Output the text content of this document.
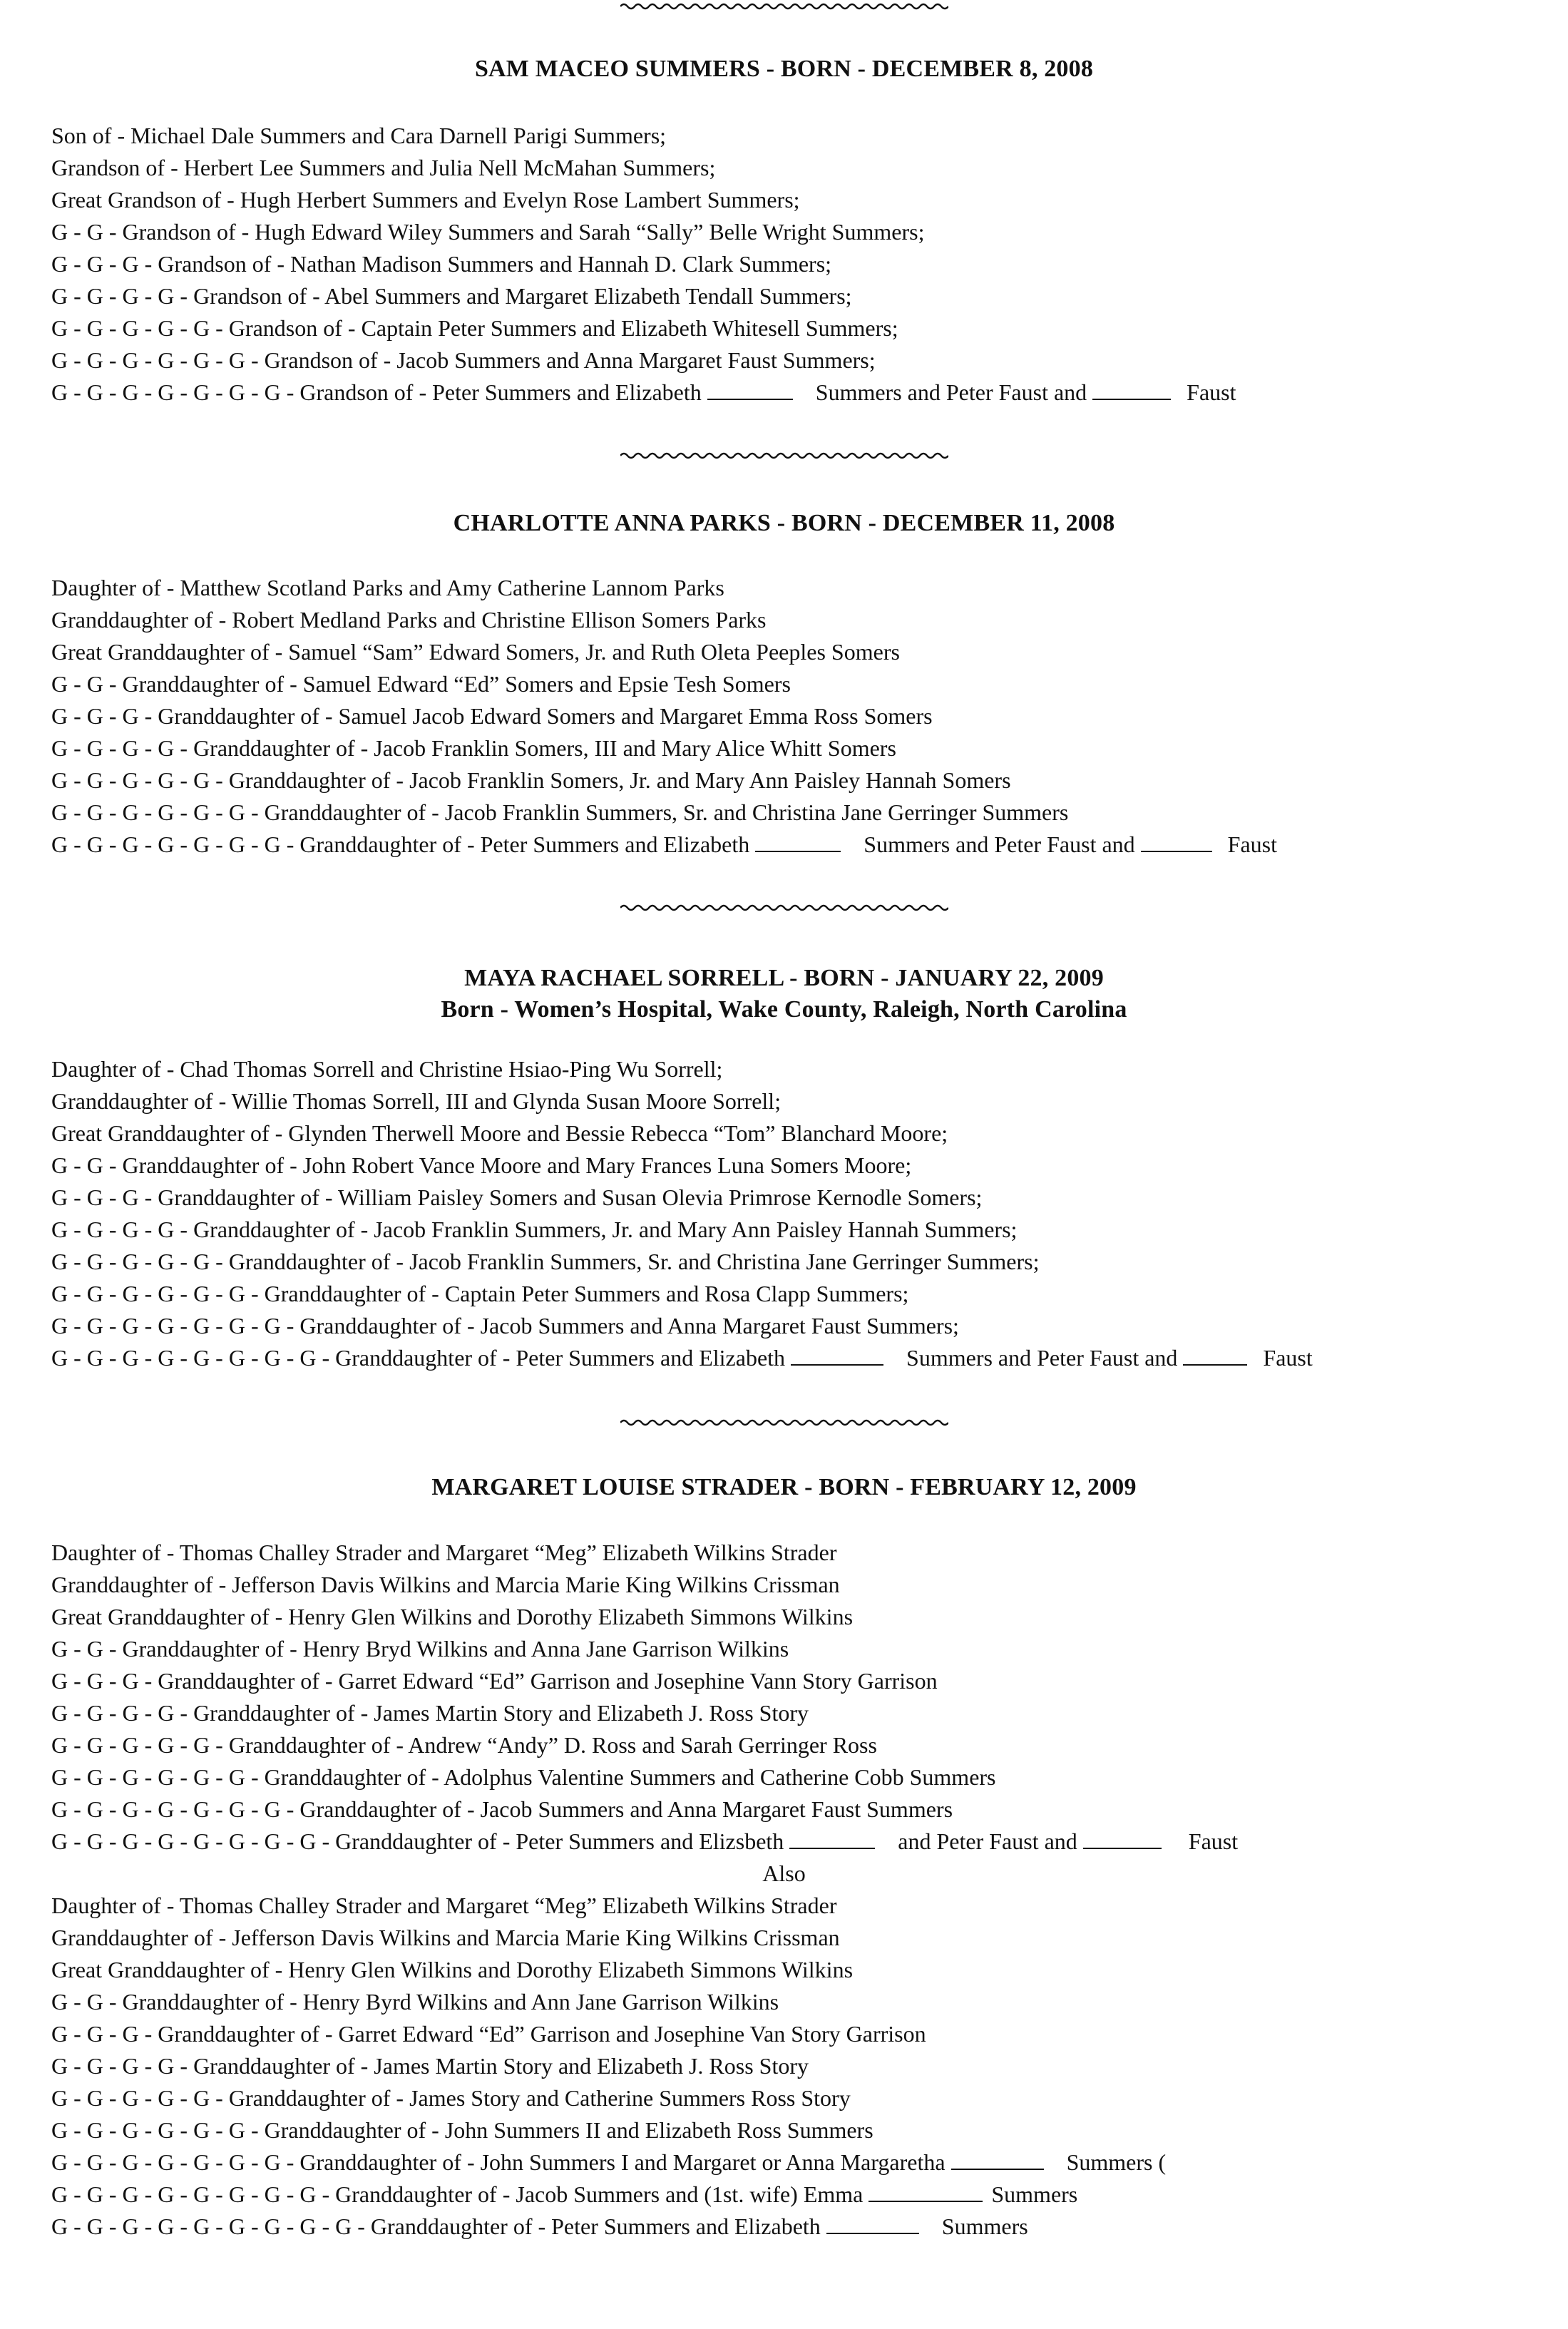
SAM MACEO SUMMERS - BORN - DECEMBER 8, 2008
Son of - Michael Dale Summers and Cara Darnell Parigi Summers;
Grandson of - Herbert Lee Summers and Julia Nell McMahan Summers;
Great Grandson of - Hugh Herbert Summers and Evelyn Rose Lambert Summers;
G - G - Grandson of - Hugh Edward Wiley Summers and Sarah “Sally” Belle Wright Summers;
G - G - G - Grandson of - Nathan Madison Summers and Hannah D. Clark Summers;
G - G - G - G - Grandson of - Abel Summers and Margaret Elizabeth Tendall Summers;
G - G - G - G - G - Grandson of - Captain Peter Summers and Elizabeth Whitesell Summers;
G - G - G - G - G - G - Grandson of - Jacob Summers and Anna Margaret Faust Summers;
G - G - G - G - G - G - G - Grandson of - Peter Summers and Elizabeth	Summers and Peter Faust and	Faust
CHARLOTTE ANNA PARKS - BORN - DECEMBER 11, 2008
Daughter of - Matthew Scotland Parks and Amy Catherine Lannom Parks
Granddaughter of - Robert Medland Parks and Christine Ellison Somers Parks
Great Granddaughter of - Samuel “Sam” Edward Somers, Jr. and Ruth Oleta Peeples Somers
G - G - Granddaughter of - Samuel Edward “Ed” Somers and Epsie Tesh Somers
G - G - G - Granddaughter of - Samuel Jacob Edward Somers and Margaret Emma Ross Somers
G - G - G - G - Granddaughter of - Jacob Franklin Somers, III and Mary Alice Whitt Somers
G - G - G - G - G - Granddaughter of - Jacob Franklin Somers, Jr. and Mary Ann Paisley Hannah Somers
G - G - G - G - G - G - Granddaughter of - Jacob Franklin Summers, Sr. and Christina Jane Gerringer Summers
G - G - G - G - G - G - G - Granddaughter of - Peter Summers and Elizabeth	Summers and Peter Faust and	Faust
MAYA RACHAEL SORRELL - BORN - JANUARY 22, 2009
Born - Women’s Hospital, Wake County, Raleigh, North Carolina
Daughter of - Chad Thomas Sorrell and Christine Hsiao-Ping Wu Sorrell;
Granddaughter of - Willie Thomas Sorrell, III and Glynda Susan Moore Sorrell;
Great Granddaughter of - Glynden Therwell Moore and Bessie Rebecca “Tom” Blanchard Moore;
G - G - Granddaughter of - John Robert Vance Moore and Mary Frances Luna Somers Moore;
G - G - G - Granddaughter of - William Paisley Somers and Susan Olevia Primrose Kernodle Somers;
G - G - G - G - Granddaughter of - Jacob Franklin Summers, Jr. and Mary Ann Paisley Hannah Summers;
G - G - G - G - G - Granddaughter of - Jacob Franklin Summers, Sr. and Christina Jane Gerringer Summers;
G - G - G - G - G - G - Granddaughter of - Captain Peter Summers and Rosa Clapp Summers;
G - G - G - G - G - G - G - Granddaughter of - Jacob Summers and Anna Margaret Faust Summers;
G - G - G - G - G - G - G - G - Granddaughter of - Peter Summers and Elizabeth	Summers and Peter Faust and	Faust
MARGARET LOUISE STRADER - BORN - FEBRUARY 12, 2009
Daughter of - Thomas Challey Strader and Margaret “Meg” Elizabeth Wilkins Strader
Granddaughter of - Jefferson Davis Wilkins and Marcia Marie King Wilkins Crissman
Great Granddaughter of - Henry Glen Wilkins and Dorothy Elizabeth Simmons Wilkins
G - G - Granddaughter of - Henry Bryd Wilkins and Anna Jane Garrison Wilkins
G - G - G - Granddaughter of - Garret Edward “Ed” Garrison and Josephine Vann Story Garrison
G - G - G - G - Granddaughter of - James Martin Story and Elizabeth J. Ross Story
G - G - G - G - G - Granddaughter of - Andrew “Andy” D. Ross and Sarah Gerringer Ross
G - G - G - G - G - G - Granddaughter of - Adolphus Valentine Summers and Catherine Cobb Summers
G - G - G - G - G - G - G - Granddaughter of - Jacob Summers and Anna Margaret Faust Summers
G - G - G - G - G - G - G - G - Granddaughter of - Peter Summers and Elizsbeth	and Peter Faust and	Faust
Also
Daughter of - Thomas Challey Strader and Margaret “Meg” Elizabeth Wilkins Strader
Granddaughter of - Jefferson Davis Wilkins and Marcia Marie King Wilkins Crissman
Great Granddaughter of - Henry Glen Wilkins and Dorothy Elizabeth Simmons Wilkins
G - G - Granddaughter of - Henry Byrd Wilkins and Ann Jane Garrison Wilkins
G - G - G - Granddaughter of - Garret Edward “Ed” Garrison and Josephine Van Story Garrison
G - G - G - G - Granddaughter of - James Martin Story and Elizabeth J. Ross Story
G - G - G - G - G - Granddaughter of - James Story and Catherine Summers Ross Story
G - G - G - G - G - G - Granddaughter of - John Summers II and Elizabeth Ross Summers
G - G - G - G - G - G - G - Granddaughter of - John Summers I and Margaret or Anna Margaretha	Summers (
G - G - G - G - G - G - G - G - Granddaughter of - Jacob Summers and (1st. wife) Emma	Summers
G - G - G - G - G - G - G - G - G - Granddaughter of - Peter Summers and Elizabeth	Summers
